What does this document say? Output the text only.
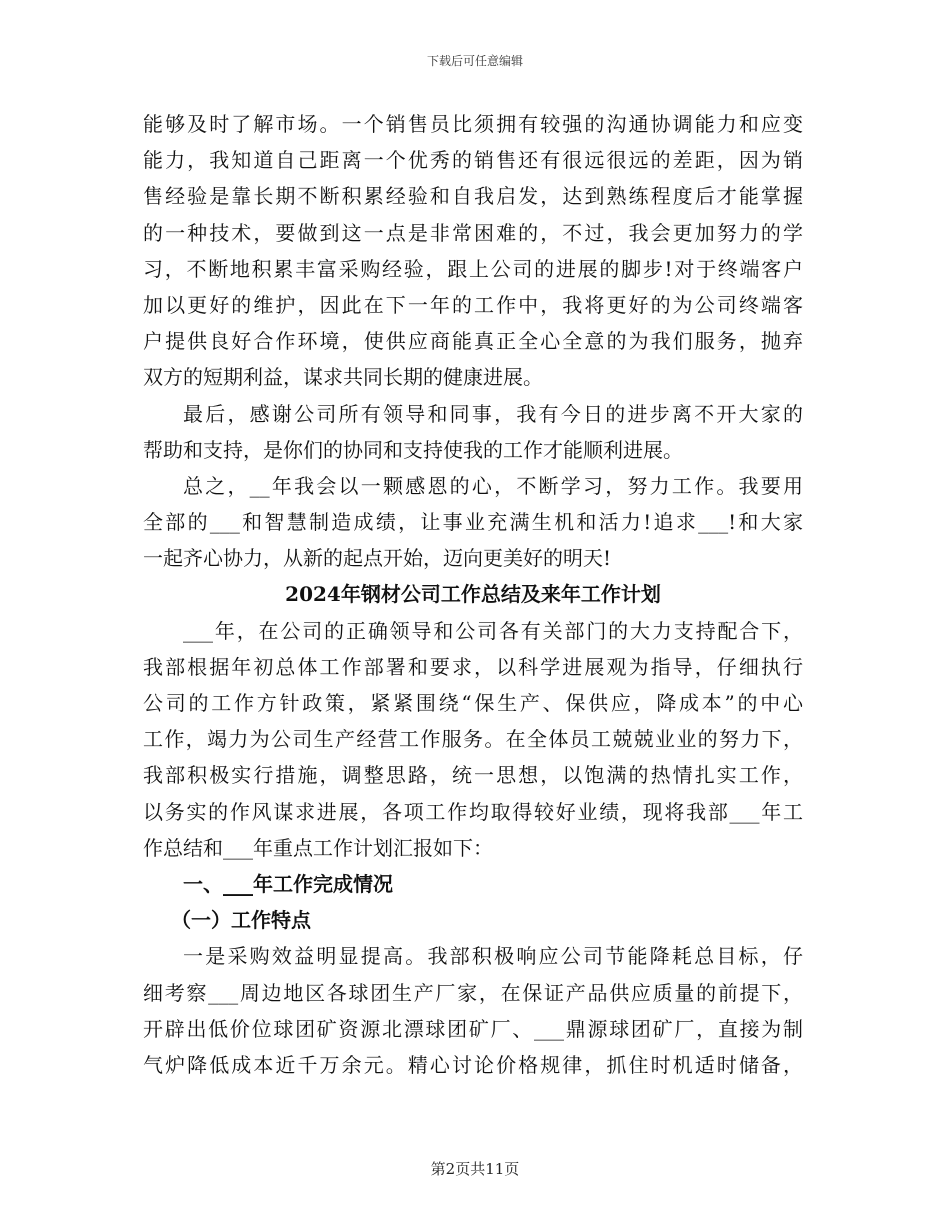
下载后可任意编辑
能够及时了解市场。一个销售员比须拥有较强的沟通协调能力和应变
能力，我知道自己距离一个优秀的销售还有很远很远的差距，因为销
售经验是靠长期不断积累经验和自我启发，达到熟练程度后才能掌握
的一种技术，要做到这一点是非常困难的，不过，我会更加努力的学
习，不断地积累丰富采购经验，跟上公司的进展的脚步!对于终端客户
加以更好的维护，因此在下一年的工作中，我将更好的为公司终端客
户提供良好合作环境，使供应商能真正全心全意的为我们服务，抛弃
双方的短期利益，谋求共同长期的健康进展。
最后，感谢公司所有领导和同事，我有今日的进步离不开大家的
帮助和支持，是你们的协同和支持使我的工作才能顺利进展。
总之，__年我会以一颗感恩的心，不断学习，努力工作。我要用
全部的___和智慧制造成绩，让事业充满生机和活力!追求___!和大家
一起齐心协力，从新的起点开始，迈向更美好的明天!
2024年钢材公司工作总结及来年工作计划
___年，在公司的正确领导和公司各有关部门的大力支持配合下，
我部根据年初总体工作部署和要求，以科学进展观为指导，仔细执行
公司的工作方针政策，紧紧围绕“保生产、保供应，降成本”的中心
工作，竭力为公司生产经营工作服务。在全体员工兢兢业业的努力下，
我部积极实行措施，调整思路，统一思想，以饱满的热情扎实工作，
以务实的作风谋求进展，各项工作均取得较好业绩，现将我部___年工
作总结和___年重点工作计划汇报如下：
一、___年工作完成情况
（一）工作特点
一是采购效益明显提高。我部积极响应公司节能降耗总目标，仔
细考察___周边地区各球团生产厂家，在保证产品供应质量的前提下，
开辟出低价位球团矿资源北漂球团矿厂、___鼎源球团矿厂，直接为制
气炉降低成本近千万余元。精心讨论价格规律，抓住时机适时储备，
第2页共11页
